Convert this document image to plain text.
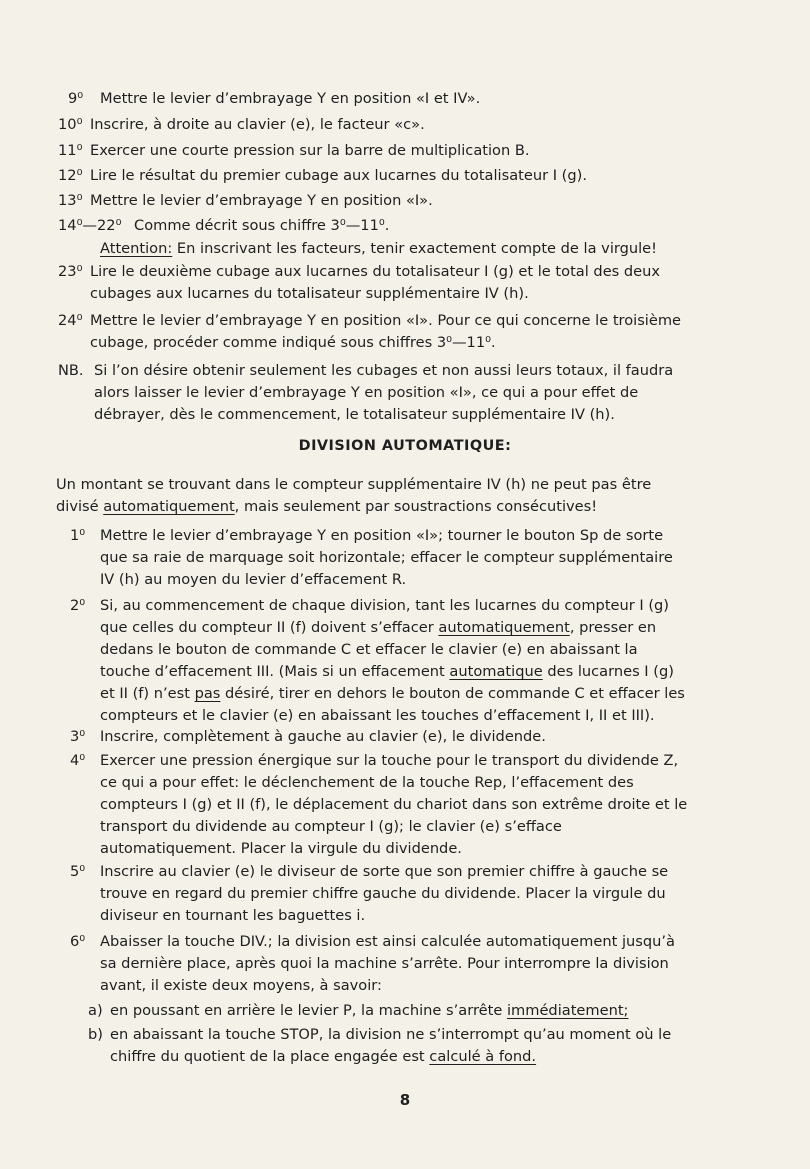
9⁰	Mettre le levier d’embrayage Y en position «I et IV».
10⁰ Inscrire, à droite au clavier (e), le facteur «c».
11⁰ Exercer une courte pression sur la barre de multiplication B.
12⁰ Lire le résultat du premier cubage aux lucarnes du totalisateur I (g).
13⁰ Mettre le levier d’embrayage Y en position «I».
14⁰—22⁰ Comme décrit sous chiffre 3⁰—11⁰.
Attention: En inscrivant les facteurs, tenir exactement compte de la virgule!
23⁰ Lire le deuxième cubage aux lucarnes du totalisateur I (g) et le total des deux cubages aux lucarnes du totalisateur supplémentaire IV (h).
24⁰ Mettre le levier d’embrayage Y en position «I». Pour ce qui concerne le troisième cubage, procéder comme indiqué sous chiffres 3⁰—11⁰.
NB. Si l’on désire obtenir seulement les cubages et non aussi leurs totaux, il faudra alors laisser le levier d’embrayage Y en position «I», ce qui a pour effet de débrayer, dès le commencement, le totalisateur supplémentaire IV (h).
DIVISION AUTOMATIQUE:
Un montant se trouvant dans le compteur supplémentaire IV (h) ne peut pas être divisé automatiquement, mais seulement par soustractions consécutives!
1⁰	Mettre le levier d’embrayage Y en position «I»; tourner le bouton Sp de sorte que sa raie de marquage soit horizontale; effacer le compteur supplémentaire IV (h) au moyen du levier d’effacement R.
2⁰	Si, au commencement de chaque division, tant les lucarnes du compteur I (g) que celles du compteur II (f) doivent s’effacer automatiquement, presser en dedans le bouton de commande C et effacer le clavier (e) en abaissant la touche d’effacement III. (Mais si un effacement automatique des lucarnes I (g) et II (f) n’est pas désiré, tirer en dehors le bouton de commande C et effacer les compteurs et le clavier (e) en abaissant les touches d’effacement I, II et III).
3⁰	Inscrire, complètement à gauche au clavier (e), le dividende.
4⁰	Exercer une pression énergique sur la touche pour le transport du dividende Z, ce qui a pour effet: le déclenchement de la touche Rep, l’effacement des compteurs I (g) et II (f), le déplacement du chariot dans son extrême droite et le transport du dividende au compteur I (g); le clavier (e) s’efface automatiquement. Placer la virgule du dividende.
5⁰	Inscrire au clavier (e) le diviseur de sorte que son premier chiffre à gauche se trouve en regard du premier chiffre gauche du dividende. Placer la virgule du diviseur en tournant les baguettes i.
6⁰	Abaisser la touche DIV.; la division est ainsi calculée automatiquement jusqu’à sa dernière place, après quoi la machine s’arrête. Pour interrompre la division avant, il existe deux moyens, à savoir:
a) en poussant en arrière le levier P, la machine s’arrête immédiatement;
b) en abaissant la touche STOP, la division ne s’interrompt qu’au moment où le chiffre du quotient de la place engagée est calculé à fond.
8
